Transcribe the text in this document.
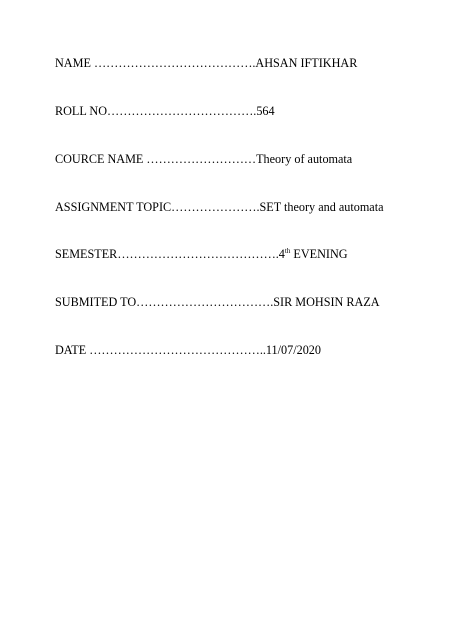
NAME ………………………………….AHSAN IFTIKHAR
ROLL NO……………………………….564
COURCE NAME ………………………Theory of automata
ASSIGNMENT TOPIC………………….SET theory and automata
SEMESTER………………………………….4th EVENING
SUBMITED TO…………………………….SIR MOHSIN RAZA
DATE ……………………………………..11/07/2020
